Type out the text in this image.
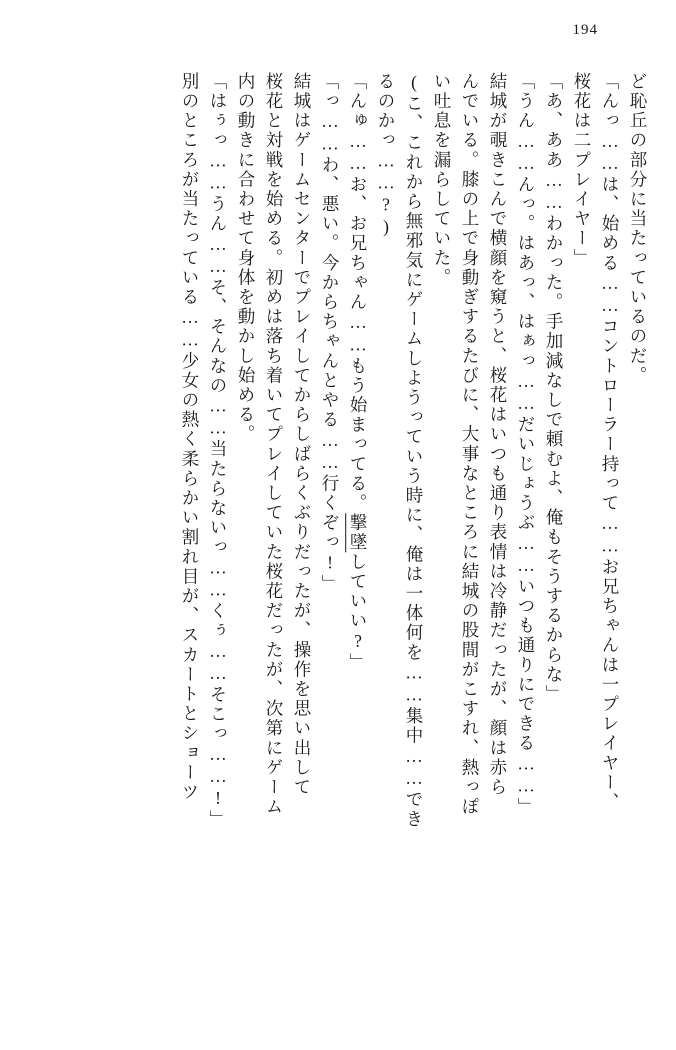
194
ど恥丘の部分に当たっているのだ。
「んっ……は、始める……コントローラー持って……お兄ちゃんは一プレイヤー、
桜花は二プレイヤー」
「あ、ああ……わかった。手加減なしで頼むよ、俺もそうするからな」
「うん……んっ。はあっ、はぁっ……だいじょうぶ……いつも通りにできる……」
結城が覗きこんで横顔を窺うと、桜花はいつも通り表情は冷静だったが、顔は赤ら
んでいる。膝の上で身動ぎするたびに、大事なところに結城の股間がこすれ、熱っぽ
い吐息を漏らしていた。
(こ、これから無邪気にゲームしようっていう時に、俺は一体何を……集中……でき
るのかっ……?)
「んゅ……お、お兄ちゃん……もう始まってる。撃墜していい?」
「っ……わ、悪い。今からちゃんとやる……行くぞっ!」
結城はゲームセンターでプレイしてからしばらくぶりだったが、操作を思い出して
桜花と対戦を始める。初めは落ち着いてプレイしていた桜花だったが、次第にゲーム
内の動きに合わせて身体を動かし始める。
「はぅっ……うん……そ、そんなの……当たらないっ……くぅ……そこっ……!」
別のところが当たっている……少女の熱く柔らかい割れ目が、スカートとショーツ
